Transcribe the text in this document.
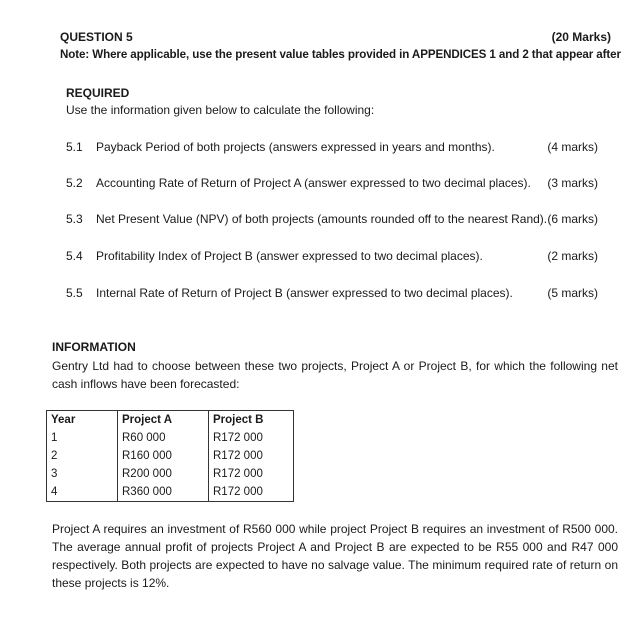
QUESTION 5	(20 Marks)
Note: Where applicable, use the present value tables provided in APPENDICES 1 and 2 that appear after
REQUIRED
Use the information given below to calculate the following:
5.1 Payback Period of both projects (answers expressed in years and months).	(4 marks)
5.2 Accounting Rate of Return of Project A (answer expressed to two decimal places). (3 marks)
5.3 Net Present Value (NPV) of both projects (amounts rounded off to the nearest Rand). (6 marks)
5.4 Profitability Index of Project B (answer expressed to two decimal places).	(2 marks)
5.5 Internal Rate of Return of Project B (answer expressed to two decimal places).	(5 marks)
INFORMATION
Gentry Ltd had to choose between these two projects, Project A or Project B, for which the following net cash inflows have been forecasted:
Year	Project A	Project B
1	R60 000	R172 000
2	R160 000	R172 000
3	R200 000	R172 000
4	R360 000	R172 000
Project A requires an investment of R560 000 while project Project B requires an investment of R500 000. The average annual profit of projects Project A and Project B are expected to be R55 000 and R47 000 respectively. Both projects are expected to have no salvage value. The minimum required rate of return on these projects is 12%.
